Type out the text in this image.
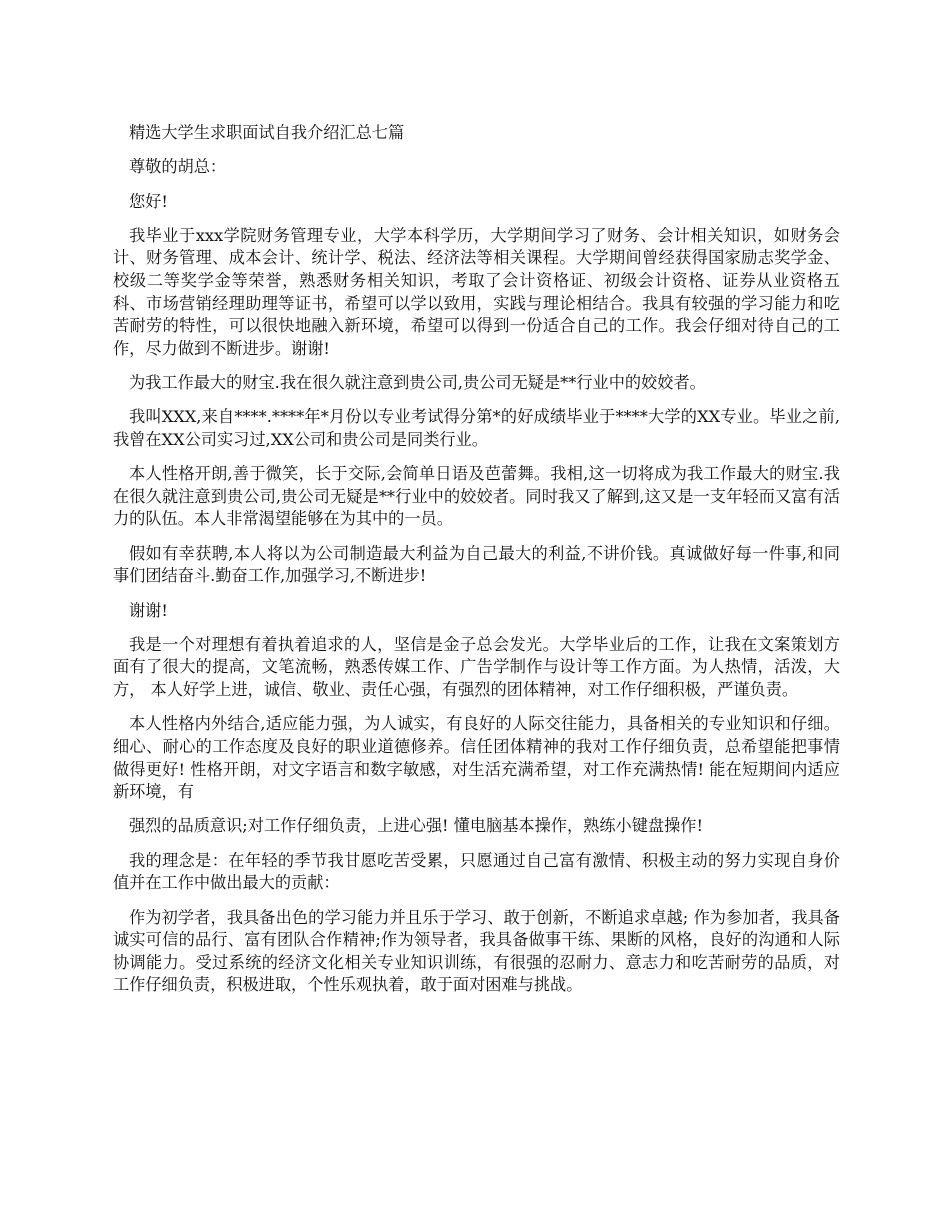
精选大学生求职面试自我介绍汇总七篇

尊敬的胡总：

您好!

我毕业于xxx学院财务管理专业，大学本科学历，大学期间学习了财务、会计相关知识，如财务会计、财务管理、成本会计、统计学、税法、经济法等相关课程。大学期间曾经获得国家励志奖学金、校级二等奖学金等荣誉，熟悉财务相关知识，考取了会计资格证、初级会计资格、证券从业资格五科、市场营销经理助理等证书，希望可以学以致用，实践与理论相结合。我具有较强的学习能力和吃苦耐劳的特性，可以很快地融入新环境，希望可以得到一份适合自己的工作。我会仔细对待自己的工作，尽力做到不断进步。谢谢!

为我工作最大的财宝.我在很久就注意到贵公司,贵公司无疑是**行业中的姣姣者。

我叫XXX,来自****.****年*月份以专业考试得分第*的好成绩毕业于****大学的XX专业。毕业之前,我曾在XX公司实习过,XX公司和贵公司是同类行业。

本人性格开朗,善于微笑，长于交际,会简单日语及芭蕾舞。我相,这一切将成为我工作最大的财宝.我在很久就注意到贵公司,贵公司无疑是**行业中的姣姣者。同时我又了解到,这又是一支年轻而又富有活力的队伍。本人非常渴望能够在为其中的一员。

假如有幸获聘,本人将以为公司制造最大利益为自己最大的利益,不讲价钱。真诚做好每一件事,和同事们团结奋斗.勤奋工作,加强学习,不断进步!

谢谢!

我是一个对理想有着执着追求的人，坚信是金子总会发光。大学毕业后的工作，让我在文案策划方面有了很大的提高，文笔流畅，熟悉传媒工作、广告学制作与设计等工作方面。为人热情，活泼，大方， 本人好学上进，诚信、敬业、责任心强，有强烈的团体精神，对工作仔细积极，严谨负责。

本人性格内外结合,适应能力强，为人诚实，有良好的人际交往能力，具备相关的专业知识和仔细。细心、耐心的工作态度及良好的职业道德修养。信任团体精神的我对工作仔细负责，总希望能把事情做得更好! 性格开朗，对文字语言和数字敏感，对生活充满希望，对工作充满热情! 能在短期间内适应新环境，有

强烈的品质意识;对工作仔细负责，上进心强! 懂电脑基本操作，熟练小键盘操作!

我的理念是：在年轻的季节我甘愿吃苦受累，只愿通过自己富有激情、积极主动的努力实现自身价值并在工作中做出最大的贡献：

作为初学者，我具备出色的学习能力并且乐于学习、敢于创新，不断追求卓越; 作为参加者，我具备诚实可信的品行、富有团队合作精神;作为领导者，我具备做事干练、果断的风格，良好的沟通和人际协调能力。受过系统的经济文化相关专业知识训练，有很强的忍耐力、意志力和吃苦耐劳的品质，对工作仔细负责，积极进取，个性乐观执着，敢于面对困难与挑战。
